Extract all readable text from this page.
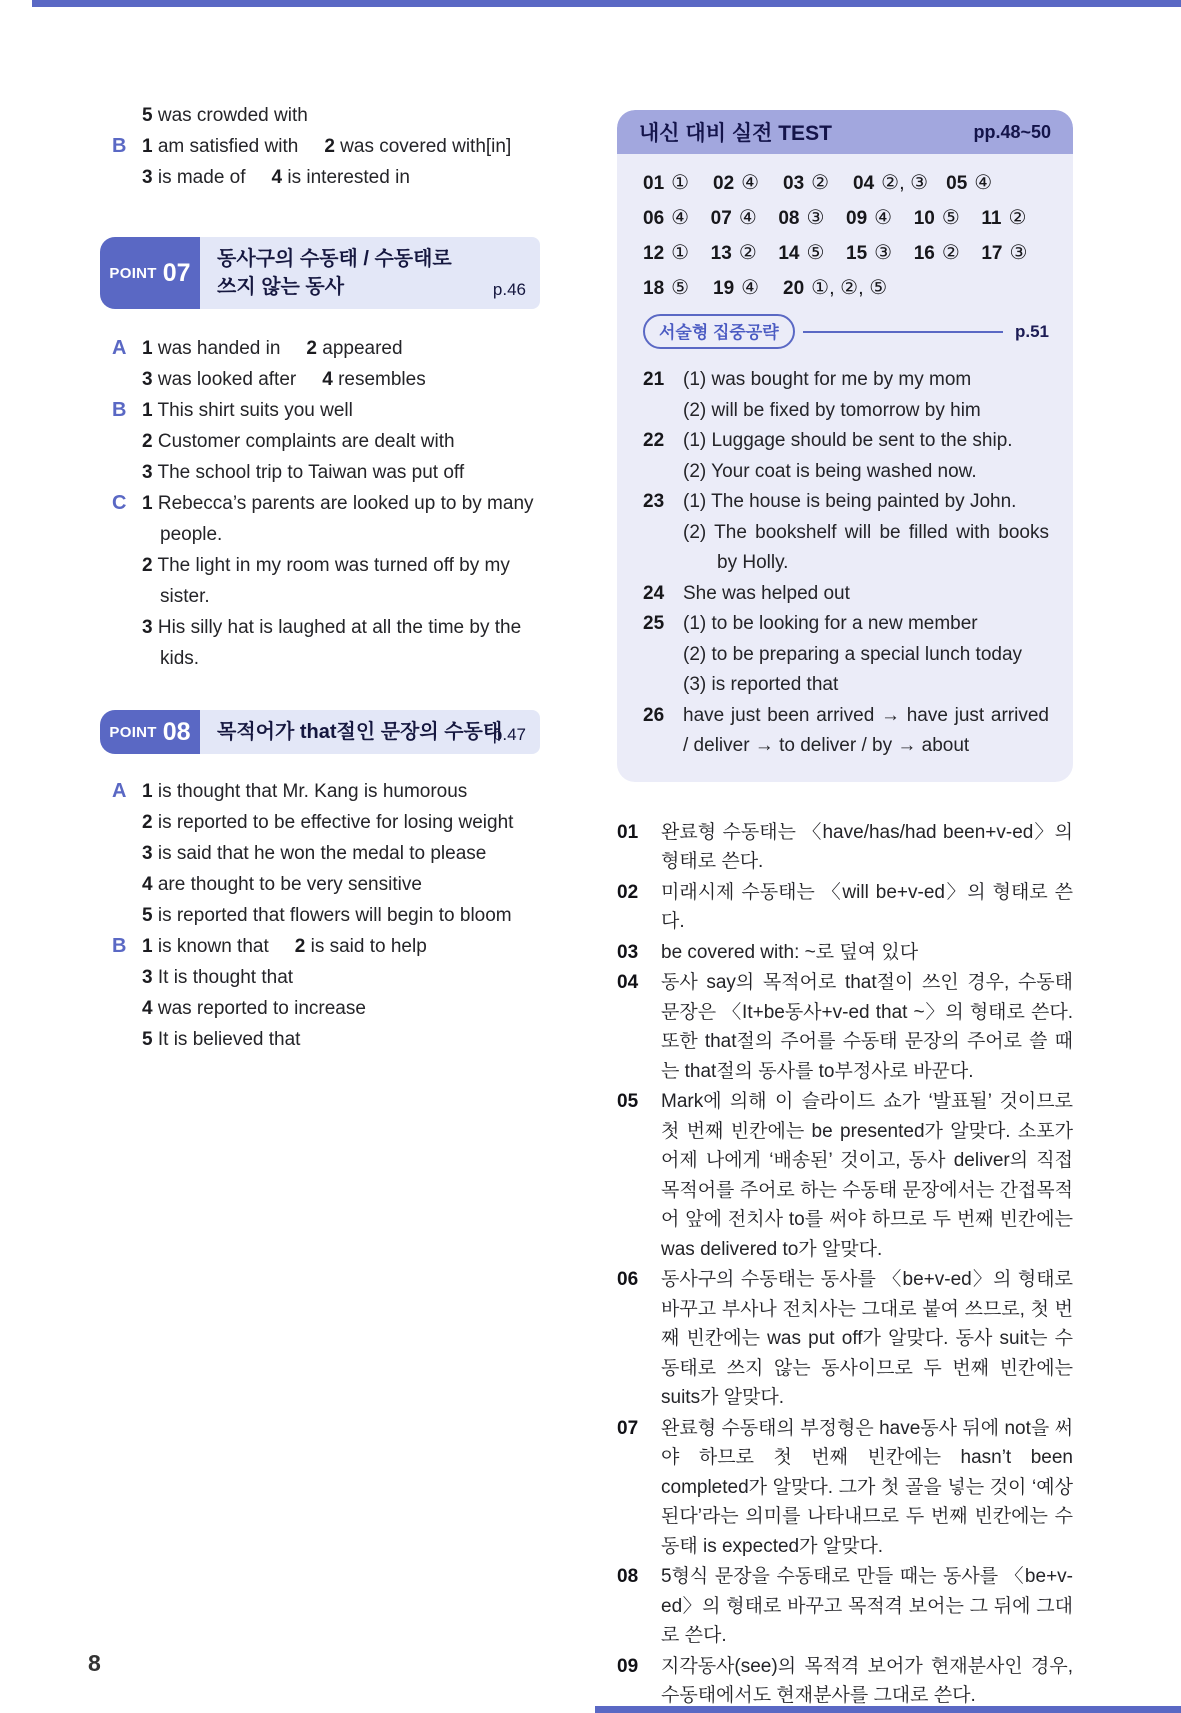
5 was crowded with
B 1 am satisfied with 2 was covered with[in]
3 is made of 4 is interested in
POINT 07 동사구의 수동태 / 수동태로 쓰지 않는 동사	p.46
A 1 was handed in 2 appeared
3 was looked after 4 resembles
B 1 This shirt suits you well
2 Customer complaints are dealt with
3 The school trip to Taiwan was put off
C 1 Rebecca’s parents are looked up to by many people.
2 The light in my room was turned off by my sister.
3 His silly hat is laughed at all the time by the kids.
POINT 08 목적어가 that절인 문장의 수동태
p.47
A 1 is thought that Mr. Kang is humorous
2 is reported to be effective for losing weight
3 is said that he won the medal to please
4 are thought to be very sensitive
5 is reported that flowers will begin to bloom
B 1 is known that 2 is said to help
3 It is thought that
4 was reported to increase
5 It is believed that
내신 대비 실전 TEST	pp.48~50
01 ①	02 ④	03 ②	04 ②, ③ 05 ④
06 ④	07 ④	08 ③	09 ④	10 ⑤	11 ②
12 ①	13 ②	14 ⑤	15 ③	16 ②	17 ③
18 ⑤	19 ④	20 ①, ②, ⑤
서술형 집중공략	p.51
21 (1) was bought for me by my mom
(2) will be fixed by tomorrow by him
22 (1) Luggage should be sent to the ship.
(2) Your coat is being washed now.
23 (1) The house is being painted by John.
(2) The bookshelf will be filled with books by Holly.
24 She was helped out
25 (1) to be looking for a new member
(2) to be preparing a special lunch today
(3) is reported that
26 have just been arrived → have just arrived / deliver → to deliver / by → about
01 완료형 수동태는 〈have/has/had been+v-ed〉의 형태로 쓴다.
02 미래시제 수동태는 〈will be+v-ed〉의 형태로 쓴다.
03 be covered with: ~로 덮여 있다
04 동사 say의 목적어로 that절이 쓰인 경우, 수동태 문장은 〈It+be동사+v-ed that ~〉의 형태로 쓴다. 또한 that절의 주어를 수동태 문장의 주어로 쓸 때는 that절의 동사를 to부정사로 바꾼다.
05 Mark에 의해 이 슬라이드 쇼가 ‘발표될’ 것이므로 첫 번째 빈칸에는 be presented가 알맞다. 소포가 어제 나에게 ‘배송된’ 것이고, 동사 deliver의 직접목적어를 주어로 하는 수동태 문장에서는 간접목적어 앞에 전치사 to를 써야 하므로 두 번째 빈칸에는 was delivered to가 알맞다.
06 동사구의 수동태는 동사를 〈be+v-ed〉의 형태로 바꾸고 부사나 전치사는 그대로 붙여 쓰므로, 첫 번째 빈칸에는 was put off가 알맞다. 동사 suit는 수동태로 쓰지 않는 동사이므로 두 번째 빈칸에는 suits가 알맞다.
07 완료형 수동태의 부정형은 have동사 뒤에 not을 써야 하므로 첫 번째 빈칸에는 hasn’t been completed가 알맞다. 그가 첫 골을 넣는 것이 ‘예상된다’라는 의미를 나타내므로 두 번째 빈칸에는 수동태 is expected가 알맞다.
08 5형식 문장을 수동태로 만들 때는 동사를 〈be+v-ed〉의 형태로 바꾸고 목적격 보어는 그 뒤에 그대로 쓴다.
09 지각동사(see)의 목적격 보어가 현재분사인 경우, 수동태에서도 현재분사를 그대로 쓴다.
8
